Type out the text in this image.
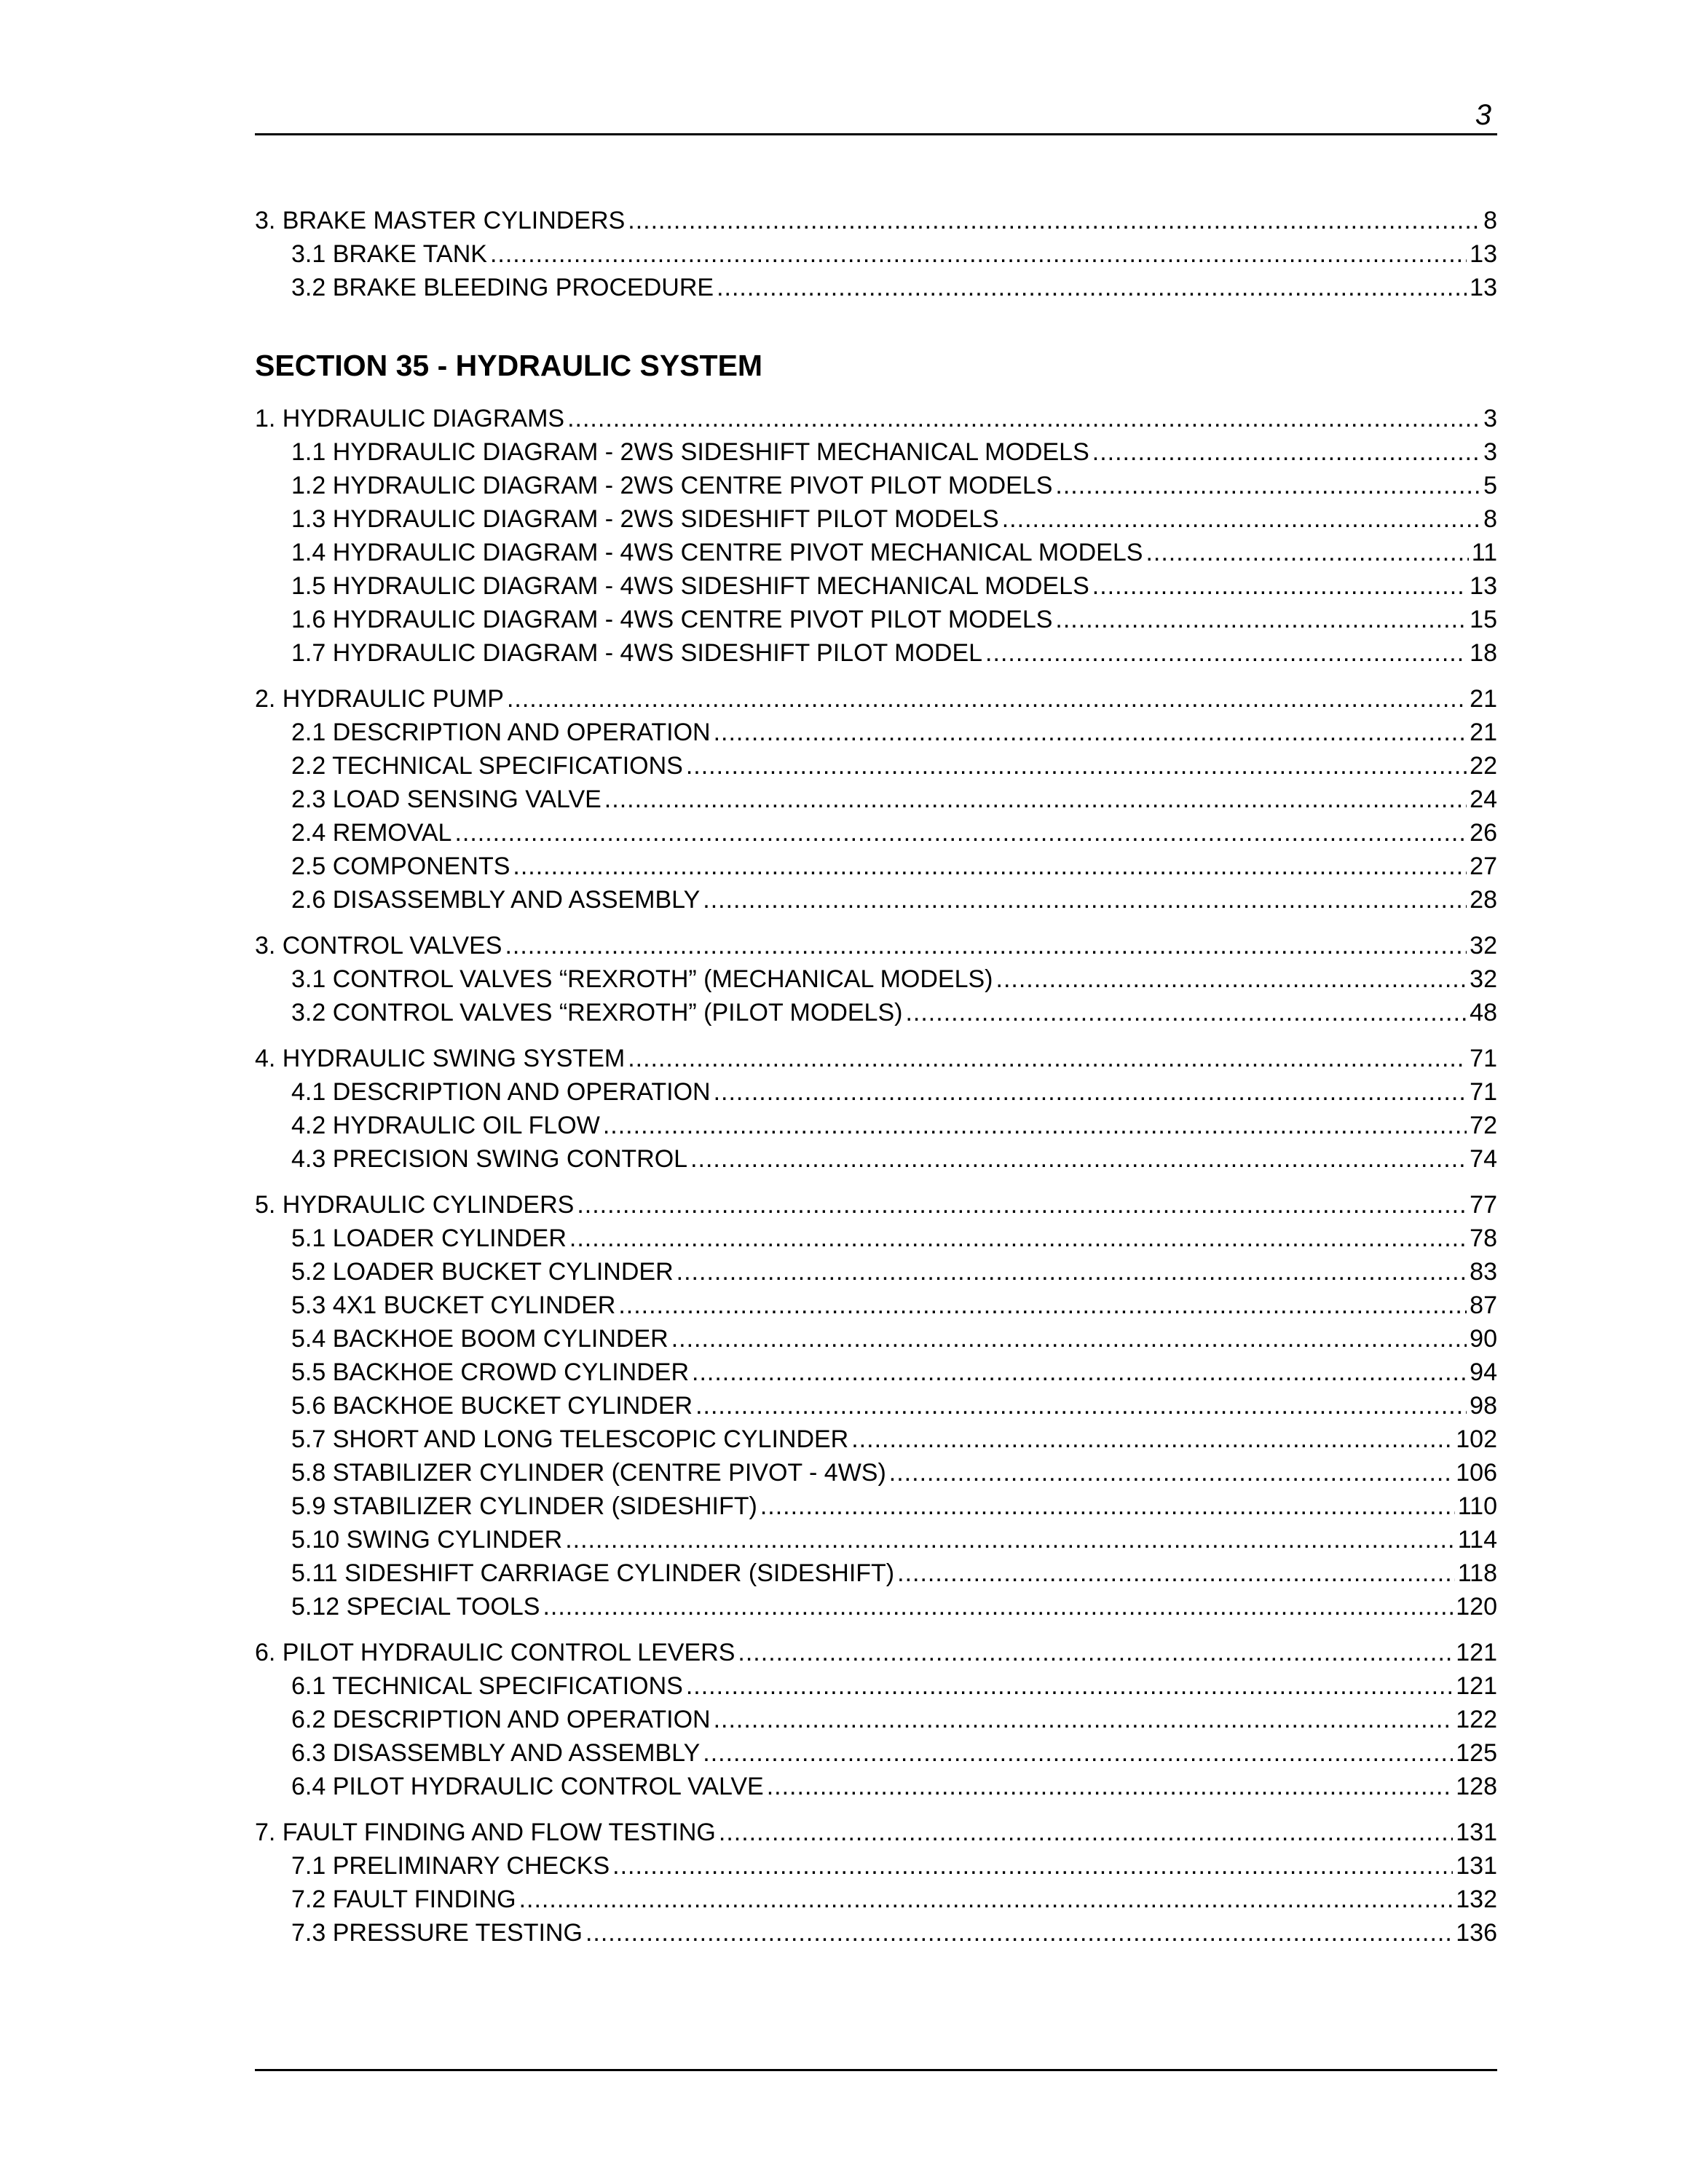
3
3. BRAKE MASTER CYLINDERS .....	8
3.1 BRAKE TANK .....	13
3.2 BRAKE BLEEDING PROCEDURE .....	13
SECTION 35 - HYDRAULIC SYSTEM
1. HYDRAULIC DIAGRAMS .....	3
1.1 HYDRAULIC DIAGRAM - 2WS SIDESHIFT MECHANICAL MODELS .....	3
1.2 HYDRAULIC DIAGRAM - 2WS CENTRE PIVOT PILOT MODELS .....	5
1.3 HYDRAULIC DIAGRAM - 2WS SIDESHIFT PILOT MODELS .....	8
1.4 HYDRAULIC DIAGRAM - 4WS CENTRE PIVOT MECHANICAL MODELS .....	11
1.5 HYDRAULIC DIAGRAM - 4WS SIDESHIFT MECHANICAL MODELS .....	13
1.6 HYDRAULIC DIAGRAM - 4WS CENTRE PIVOT PILOT MODELS .....	15
1.7 HYDRAULIC DIAGRAM - 4WS SIDESHIFT PILOT MODEL .....	18
2. HYDRAULIC PUMP .....	21
2.1 DESCRIPTION AND OPERATION .....	21
2.2 TECHNICAL SPECIFICATIONS .....	22
2.3 LOAD SENSING VALVE .....	24
2.4 REMOVAL .....	26
2.5 COMPONENTS .....	27
2.6 DISASSEMBLY AND ASSEMBLY .....	28
3. CONTROL VALVES .....	32
3.1 CONTROL VALVES “REXROTH” (MECHANICAL MODELS) .....	32
3.2 CONTROL VALVES “REXROTH” (PILOT MODELS) .....	48
4. HYDRAULIC SWING SYSTEM .....	71
4.1 DESCRIPTION AND OPERATION .....	71
4.2 HYDRAULIC OIL FLOW .....	72
4.3 PRECISION SWING CONTROL .....	74
5. HYDRAULIC CYLINDERS .....	77
5.1 LOADER CYLINDER .....	78
5.2 LOADER BUCKET CYLINDER .....	83
5.3 4X1 BUCKET CYLINDER .....	87
5.4 BACKHOE BOOM CYLINDER .....	90
5.5 BACKHOE CROWD CYLINDER .....	94
5.6 BACKHOE BUCKET CYLINDER .....	98
5.7 SHORT AND LONG TELESCOPIC CYLINDER .....	102
5.8 STABILIZER CYLINDER (CENTRE PIVOT - 4WS) .....	106
5.9 STABILIZER CYLINDER (SIDESHIFT) .....	110
5.10 SWING CYLINDER .....	114
5.11 SIDESHIFT CARRIAGE CYLINDER (SIDESHIFT) .....	118
5.12 SPECIAL TOOLS .....	120
6. PILOT HYDRAULIC CONTROL LEVERS .....	121
6.1 TECHNICAL SPECIFICATIONS .....	121
6.2 DESCRIPTION AND OPERATION .....	122
6.3 DISASSEMBLY AND ASSEMBLY .....	125
6.4 PILOT HYDRAULIC CONTROL VALVE .....	128
7. FAULT FINDING AND FLOW TESTING .....	131
7.1 PRELIMINARY CHECKS .....	131
7.2 FAULT FINDING .....	132
7.3 PRESSURE TESTING .....	136
